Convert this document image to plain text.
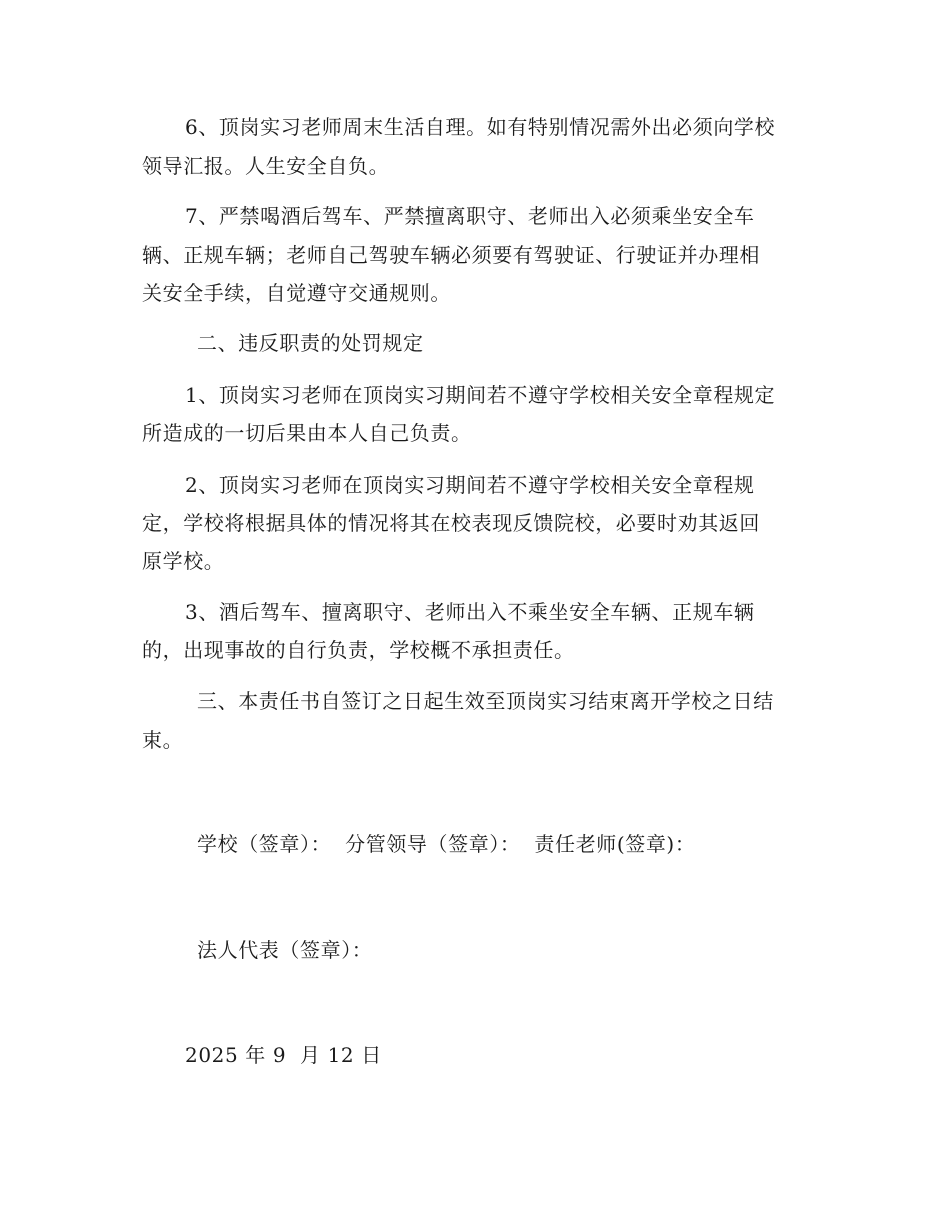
6、顶岗实习老师周末生活自理。如有特别情况需外出必须向学校
领导汇报。人生安全自负。
7、严禁喝酒后驾车、严禁擅离职守、老师出入必须乘坐安全车
辆、正规车辆；老师自己驾驶车辆必须要有驾驶证、行驶证并办理相
关安全手续，自觉遵守交通规则。
二、违反职责的处罚规定
1、顶岗实习老师在顶岗实习期间若不遵守学校相关安全章程规定
所造成的一切后果由本人自己负责。
2、顶岗实习老师在顶岗实习期间若不遵守学校相关安全章程规
定，学校将根据具体的情况将其在校表现反馈院校，必要时劝其返回
原学校。
3、酒后驾车、擅离职守、老师出入不乘坐安全车辆、正规车辆
的，出现事故的自行负责，学校概不承担责任。
三、本责任书自签订之日起生效至顶岗实习结束离开学校之日结
束。
学校（签章）：  分管领导（签章）：  责任老师(签章)：
法人代表（签章）：
2025 年 9  月 12 日
